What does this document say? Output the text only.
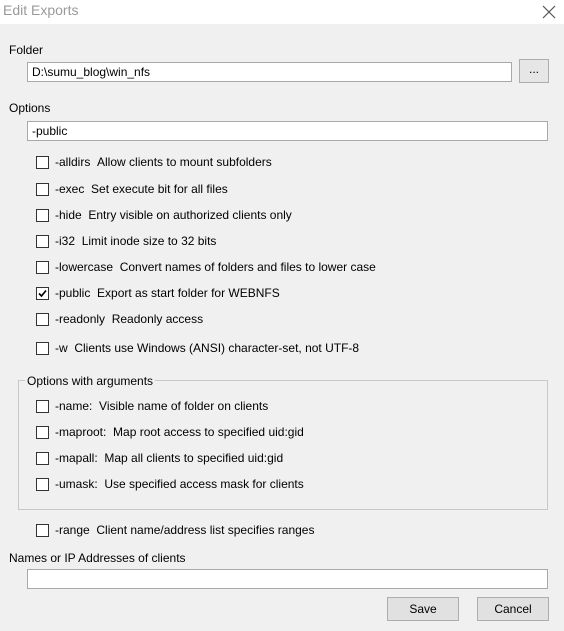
Edit Exports
Folder
D:\sumu_blog\win_nfs	...
Options
-public
-alldirs Allow clients to mount subfolders
-exec Set execute bit for all files
-hide Entry visible on authorized clients only
-i32 Limit inode size to 32 bits
-lowercase Convert names of folders and files to lower case
-public Export as start folder for WEBNFS
-readonly Readonly access
-w Clients use Windows (ANSI) character-set, not UTF-8
Options with arguments
-name: Visible name of folder on clients
-maproot: Map root access to specified uid:gid
-mapall: Map all clients to specified uid:gid
-umask: Use specified access mask for clients
-range Client name/address list specifies ranges
Names or IP Addresses of clients
Save	Cancel
